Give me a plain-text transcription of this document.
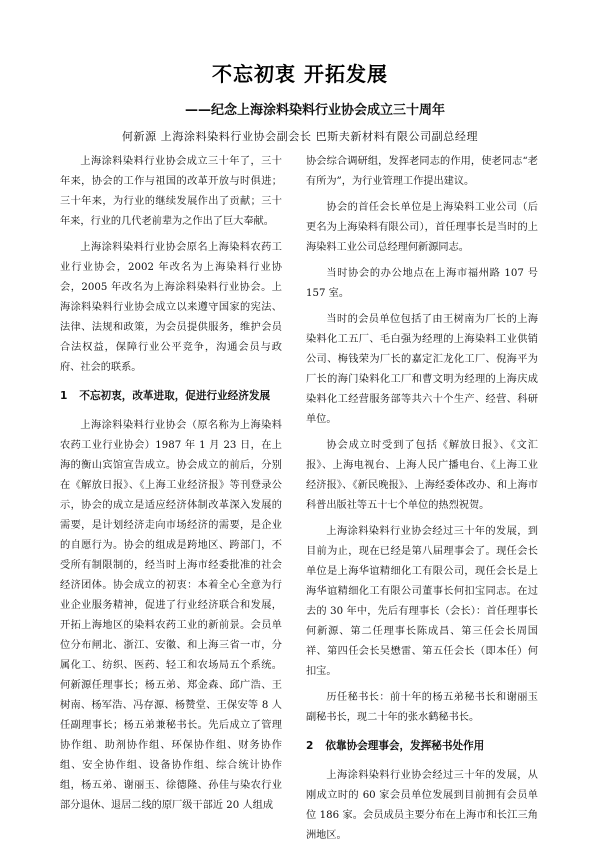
不忘初衷 开拓发展
——纪念上海涂料染料行业协会成立三十周年
何新源 上海涂料染料行业协会副会长 巴斯夫新材料有限公司副总经理

上海涂料染料行业协会成立三十年了，三十年来，协会的工作与祖国的改革开放与时俱进；三十年来，为行业的继续发展作出了贡献；三十年来，行业的几代老前辈为之作出了巨大奉献。

上海涂料染料行业协会原名上海染料农药工业行业协会，2002 年改名为上海染料行业协会，2005 年改名为上海涂料染料行业协会。上海涂料染料行业协会成立以来遵守国家的宪法、法律、法规和政策，为会员提供服务，维护会员合法权益，保障行业公平竞争，沟通会员与政府、社会的联系。

1 不忘初衷，改革进取，促进行业经济发展

上海涂料染料行业协会（原名称为上海染料农药工业行业协会）1987 年 1 月 23 日，在上海的衡山宾馆宣告成立。协会成立的前后，分别在《解放日报》、《上海工业经济报》等刊登录公示，协会的成立是适应经济体制改革深入发展的需要，是计划经济走向市场经济的需要，是企业的自愿行为。协会的组成是跨地区、跨部门，不受所有制限制的，经当时上海市经委批准的社会经济团体。协会成立的初衷：本着全心全意为行业企业服务精神，促进了行业经济联合和发展，开拓上海地区的染料农药工业的新前景。会员单位分布闸北、浙江、安徽、和上海三省一市，分属化工、纺织、医药、轻工和农场局五个系统。何新源任理事长；杨五弟、郑金森、邱广浩、王树南、杨军浩、冯存源、杨赞堂、王保安等 8 人任副理事长；杨五弟兼秘书长。先后成立了管理协作组、助剂协作组、环保协作组、财务协作组、安全协作组、设备协作组、综合统计协作组，杨五弟、谢丽玉、徐德隆、孙佳与染农行业部分退休、退居二线的原厂级干部近 20 人组成

协会综合调研组，发挥老同志的作用，使老同志“老有所为”，为行业管理工作提出建议。

协会的首任会长单位是上海染料工业公司（后更名为上海染料有限公司），首任理事长是当时的上海染料工业公司总经理何新源同志。

当时协会的办公地点在上海市福州路 107 号 157 室。

当时的会员单位包括了由王树南为厂长的上海染料化工五厂、毛白强为经理的上海染料工业供销公司、梅钱荣为厂长的嘉定汇龙化工厂、倪海平为厂长的海门染料化工厂和曹文明为经理的上海庆成染料化工经营服务部等共六十个生产、经营、科研单位。

协会成立时受到了包括《解放日报》、《文汇报》、上海电视台、上海人民广播电台、《上海工业经济报》、《新民晚报》、上海经委体改办、和上海市科普出版社等五十七个单位的热烈祝贺。

上海涂料染料行业协会经过三十年的发展，到目前为止，现在已经是第八届理事会了。现任会长单位是上海华谊精细化工有限公司，现任会长是上海华谊精细化工有限公司董事长何扣宝同志。在过去的 30 年中，先后有理事长（会长）：首任理事长何新源、第二任理事长陈成昌、第三任会长周国祥、第四任会长吴懋雷、第五任会长（即本任）何扣宝。

历任秘书长：前十年的杨五弟秘书长和谢丽玉副秘书长，现二十年的张水鹤秘书长。

2 依靠协会理事会，发挥秘书处作用

上海涂料染料行业协会经过三十年的发展，从刚成立时的 60 家会员单位发展到目前拥有会员单位 186 家。会员成员主要分布在上海市和长江三角洲地区。
